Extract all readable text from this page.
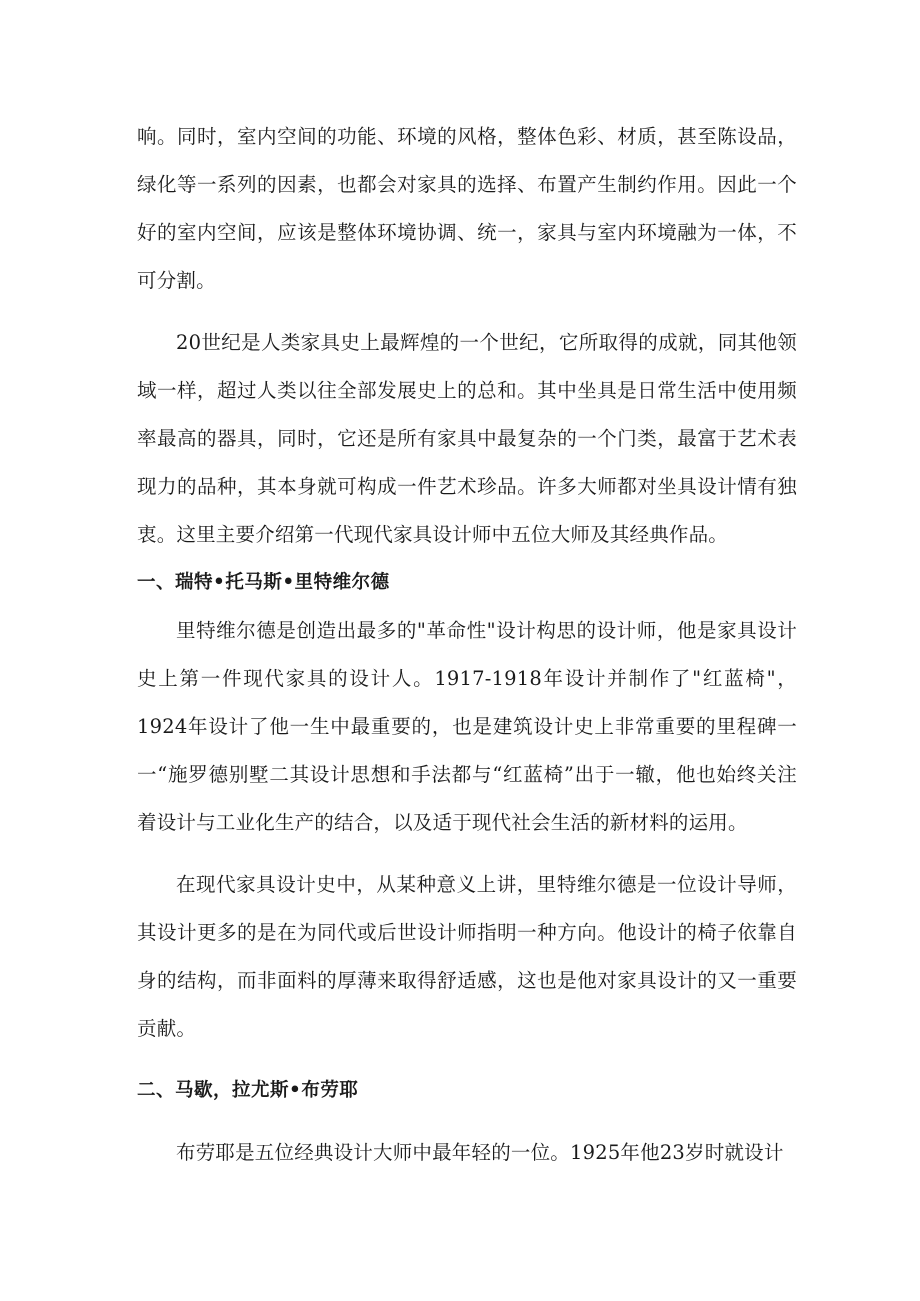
响。同时，室内空间的功能、环境的风格，整体色彩、材质，甚至陈设品，绿化等一系列的因素，也都会对家具的选择、布置产生制约作用。因此一个好的室内空间，应该是整体环境协调、统一，家具与室内环境融为一体，不可分割。

20世纪是人类家具史上最辉煌的一个世纪，它所取得的成就，同其他领域一样，超过人类以往全部发展史上的总和。其中坐具是日常生活中使用频率最高的器具，同时，它还是所有家具中最复杂的一个门类，最富于艺术表现力的品种，其本身就可构成一件艺术珍品。许多大师都对坐具设计情有独衷。这里主要介绍第一代现代家具设计师中五位大师及其经典作品。

一、瑞特•托马斯•里特维尔德

里特维尔德是创造出最多的"革命性"设计构思的设计师，他是家具设计史上第一件现代家具的设计人。1917-1918年设计并制作了"红蓝椅"，1924年设计了他一生中最重要的，也是建筑设计史上非常重要的里程碑一一“施罗德别墅二其设计思想和手法都与“红蓝椅”出于一辙，他也始终关注着设计与工业化生产的结合，以及适于现代社会生活的新材料的运用。

在现代家具设计史中，从某种意义上讲，里特维尔德是一位设计导师，其设计更多的是在为同代或后世设计师指明一种方向。他设计的椅子依靠自身的结构，而非面料的厚薄来取得舒适感，这也是他对家具设计的又一重要贡献。

二、马歇，拉尤斯•布劳耶

布劳耶是五位经典设计大师中最年轻的一位。1925年他23岁时就设计
